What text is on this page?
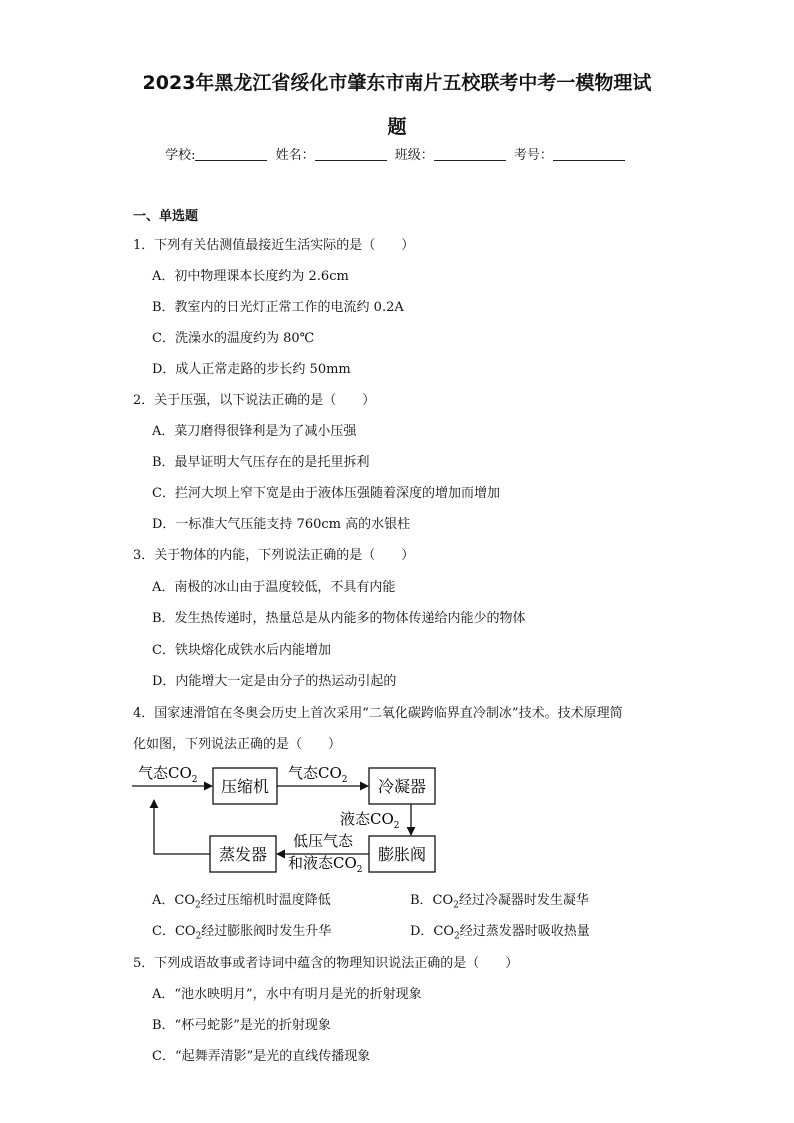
2023年黑龙江省绥化市肇东市南片五校联考中考一模物理试
题
学校:	姓名：	班级：	考号：
一、单选题
1．下列有关估测值最接近生活实际的是（　　）
A．初中物理课本长度约为 2.6cm
B．教室内的日光灯正常工作的电流约 0.2A
C．洗澡水的温度约为 80℃
D．成人正常走路的步长约 50mm
2．关于压强，以下说法正确的是（　　）
A．菜刀磨得很锋利是为了减小压强
B．最早证明大气压存在的是托里拆利
C．拦河大坝上窄下宽是由于液体压强随着深度的增加而增加
D．一标准大气压能支持 760cm 高的水银柱
3．关于物体的内能，下列说法正确的是（　　）
A．南极的冰山由于温度较低，不具有内能
B．发生热传递时，热量总是从内能多的物体传递给内能少的物体
C．铁块熔化成铁水后内能增加
D．内能增大一定是由分子的热运动引起的
4．国家速滑馆在冬奥会历史上首次采用“二氧化碳跨临界直冷制冰”技术。技术原理简
化如图，下列说法正确的是（　　）
压缩机	冷凝器
膨胀阀
蒸发器
气态$CO_2$	气态$CO_2$
液态$CO_2$
低压气态
和液态$CO_2$
A．$CO_2$经过压缩机时温度降低	B．$CO_2$经过冷凝器时发生凝华
C．$CO_2$经过膨胀阀时发生升华	D．$CO_2$经过蒸发器时吸收热量
5．下列成语故事或者诗词中蕴含的物理知识说法正确的是（　　）
A．“池水映明月”，水中有明月是光的折射现象
B．“杯弓蛇影”是光的折射现象
C．“起舞弄清影”是光的直线传播现象
